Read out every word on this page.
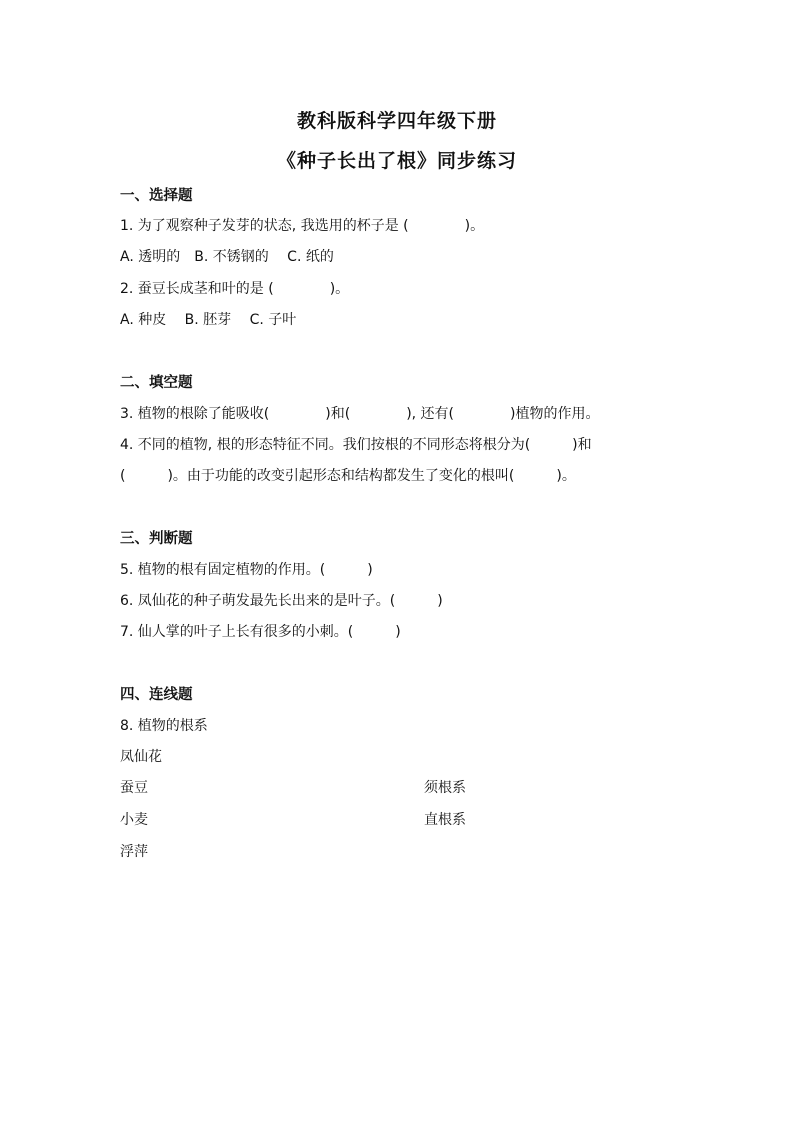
教科版科学四年级下册
《种子长出了根》同步练习
一、选择题
1. 为了观察种子发芽的状态, 我选用的杯子是 (　　　　)。
A. 透明的　B. 不锈钢的　 C. 纸的
2. 蚕豆长成茎和叶的是 (　　　　)。
A. 种皮　 B. 胚芽　 C. 子叶
二、填空题
3. 植物的根除了能吸收(　　　　)和(　　　　), 还有(　　　　)植物的作用。
4. 不同的植物, 根的形态特征不同。我们按根的不同形态将根分为(　　　)和
(　　　)。由于功能的改变引起形态和结构都发生了变化的根叫(　　　)。
三、判断题
5. 植物的根有固定植物的作用。(　　　)
6. 凤仙花的种子萌发最先长出来的是叶子。(　　　)
7. 仙人掌的叶子上长有很多的小刺。(　　　)
四、连线题
8. 植物的根系
凤仙花
蚕豆
小麦
浮萍
须根系
直根系
